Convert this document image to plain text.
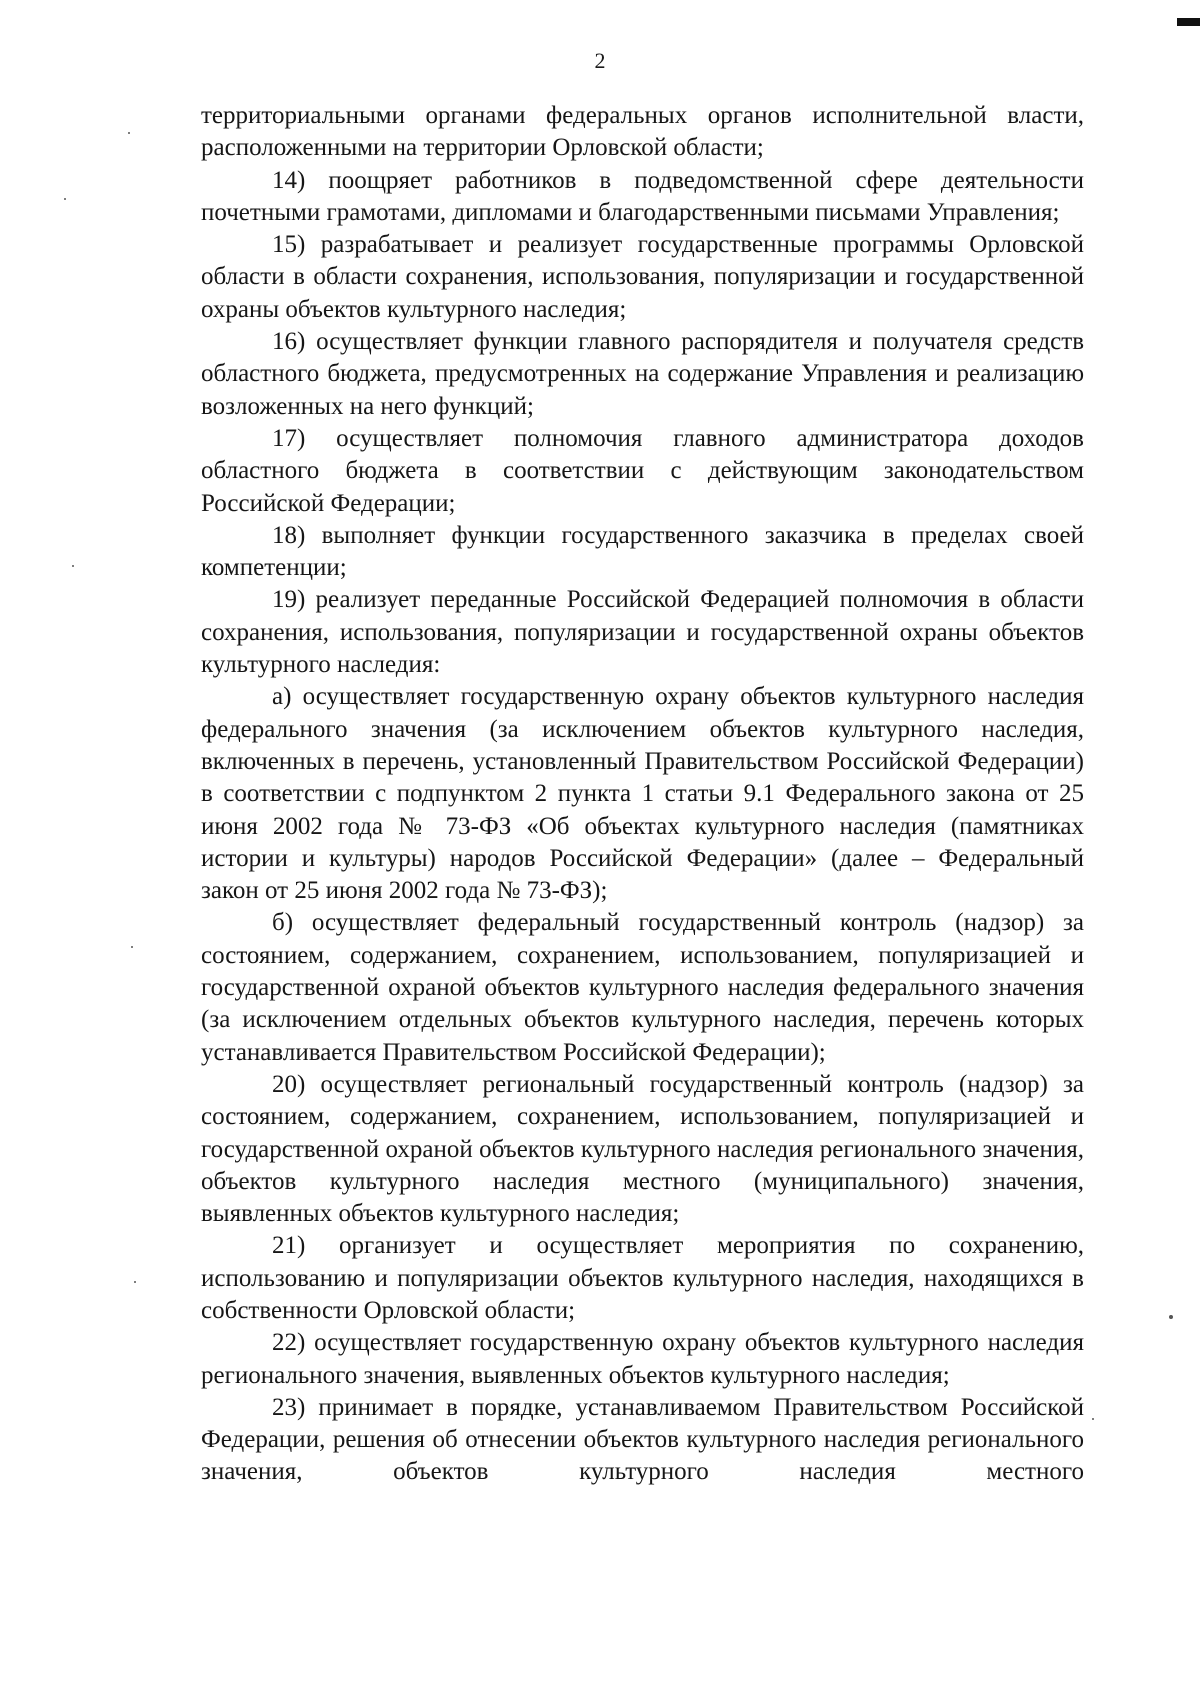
2

территориальными органами федеральных органов исполнительной власти, расположенными на территории Орловской области;

14) поощряет работников в подведомственной сфере деятельности почетными грамотами, дипломами и благодарственными письмами Управления;

15) разрабатывает и реализует государственные программы Орловской области в области сохранения, использования, популяризации и государственной охраны объектов культурного наследия;

16) осуществляет функции главного распорядителя и получателя средств областного бюджета, предусмотренных на содержание Управления и реализацию возложенных на него функций;

17) осуществляет полномочия главного администратора доходов областного бюджета в соответствии с действующим законодательством Российской Федерации;

18) выполняет функции государственного заказчика в пределах своей компетенции;

19) реализует переданные Российской Федерацией полномочия в области сохранения, использования, популяризации и государственной охраны объектов культурного наследия:

а) осуществляет государственную охрану объектов культурного наследия федерального значения (за исключением объектов культурного наследия, включенных в перечень, установленный Правительством Российской Федерации) в соответствии с подпунктом 2 пункта 1 статьи 9.1 Федерального закона от 25 июня 2002 года № 73-ФЗ «Об объектах культурного наследия (памятниках истории и культуры) народов Российской Федерации» (далее – Федеральный закон от 25 июня 2002 года № 73-ФЗ);

б) осуществляет федеральный государственный контроль (надзор) за состоянием, содержанием, сохранением, использованием, популяризацией и государственной охраной объектов культурного наследия федерального значения (за исключением отдельных объектов культурного наследия, перечень которых устанавливается Правительством Российской Федерации);

20) осуществляет региональный государственный контроль (надзор) за состоянием, содержанием, сохранением, использованием, популяризацией и государственной охраной объектов культурного наследия регионального значения, объектов культурного наследия местного (муниципального) значения, выявленных объектов культурного наследия;

21) организует и осуществляет мероприятия по сохранению, использованию и популяризации объектов культурного наследия, находящихся в собственности Орловской области;

22) осуществляет государственную охрану объектов культурного наследия регионального значения, выявленных объектов культурного наследия;

23) принимает в порядке, устанавливаемом Правительством Российской Федерации, решения об отнесении объектов культурного наследия регионального значения, объектов культурного наследия местного
